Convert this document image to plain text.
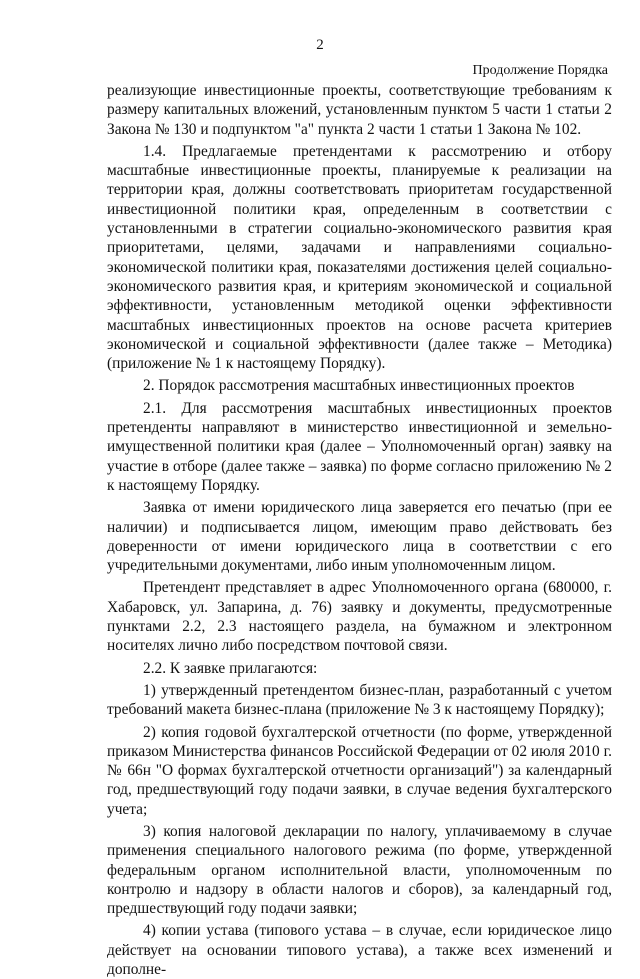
2
Продолжение Порядка

реализующие инвестиционные проекты, соответствующие требованиям к размеру капитальных вложений, установленным пунктом 5 части 1 статьи 2 Закона № 130 и подпунктом "а" пункта 2 части 1 статьи 1 Закона № 102.

1.4. Предлагаемые претендентами к рассмотрению и отбору масштабные инвестиционные проекты, планируемые к реализации на территории края, должны соответствовать приоритетам государственной инвестиционной политики края, определенным в соответствии с установленными в стратегии социально-экономического развития края приоритетами, целями, задачами и направлениями социально-экономической политики края, показателями достижения целей социально-экономического развития края, и критериям экономической и социальной эффективности, установленным методикой оценки эффективности масштабных инвестиционных проектов на основе расчета критериев экономической и социальной эффективности (далее также – Методика) (приложение № 1 к настоящему Порядку).

2. Порядок рассмотрения масштабных инвестиционных проектов

2.1. Для рассмотрения масштабных инвестиционных проектов претенденты направляют в министерство инвестиционной и земельно-имущественной политики края (далее – Уполномоченный орган) заявку на участие в отборе (далее также – заявка) по форме согласно приложению № 2 к настоящему Порядку.

Заявка от имени юридического лица заверяется его печатью (при ее наличии) и подписывается лицом, имеющим право действовать без доверенности от имени юридического лица в соответствии с его учредительными документами, либо иным уполномоченным лицом.

Претендент представляет в адрес Уполномоченного органа (680000, г. Хабаровск, ул. Запарина, д. 76) заявку и документы, предусмотренные пунктами 2.2, 2.3 настоящего раздела, на бумажном и электронном носителях лично либо посредством почтовой связи.

2.2. К заявке прилагаются:

1) утвержденный претендентом бизнес-план, разработанный с учетом требований макета бизнес-плана (приложение № 3 к настоящему Порядку);

2) копия годовой бухгалтерской отчетности (по форме, утвержденной приказом Министерства финансов Российской Федерации от 02 июля 2010 г. № 66н "О формах бухгалтерской отчетности организаций") за календарный год, предшествующий году подачи заявки, в случае ведения бухгалтерского учета;

3) копия налоговой декларации по налогу, уплачиваемому в случае применения специального налогового режима (по форме, утвержденной федеральным органом исполнительной власти, уполномоченным по контролю и надзору в области налогов и сборов), за календарный год, предшествующий году подачи заявки;

4) копии устава (типового устава – в случае, если юридическое лицо действует на основании типового устава), а также всех изменений и дополне-
